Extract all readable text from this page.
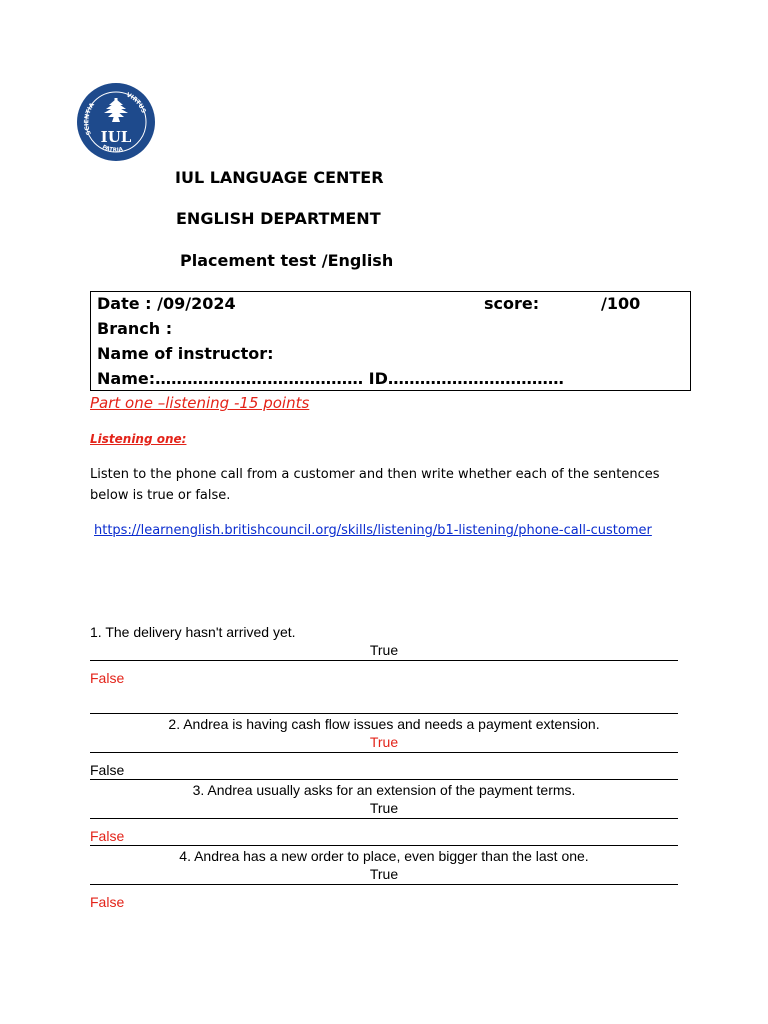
SCIENTIA
VIRTUS
PATRIA
IUL
IUL LANGUAGE CENTER
ENGLISH DEPARTMENT
Placement test /English
Date : /09/2024	score:	/100
Branch :
Name of instructor:
Name:………………………………… ID……………………………
Part one –listening -15 points
Listening one:
Listen to the phone call from a customer and then write whether each of the sentences below is true or false.
https://learnenglish.britishcouncil.org/skills/listening/b1-listening/phone-call-customer
1. The delivery hasn't arrived yet.
True
False
2. Andrea is having cash flow issues and needs a payment extension.
True
False
3. Andrea usually asks for an extension of the payment terms.
True
False
4. Andrea has a new order to place, even bigger than the last one.
True
False
